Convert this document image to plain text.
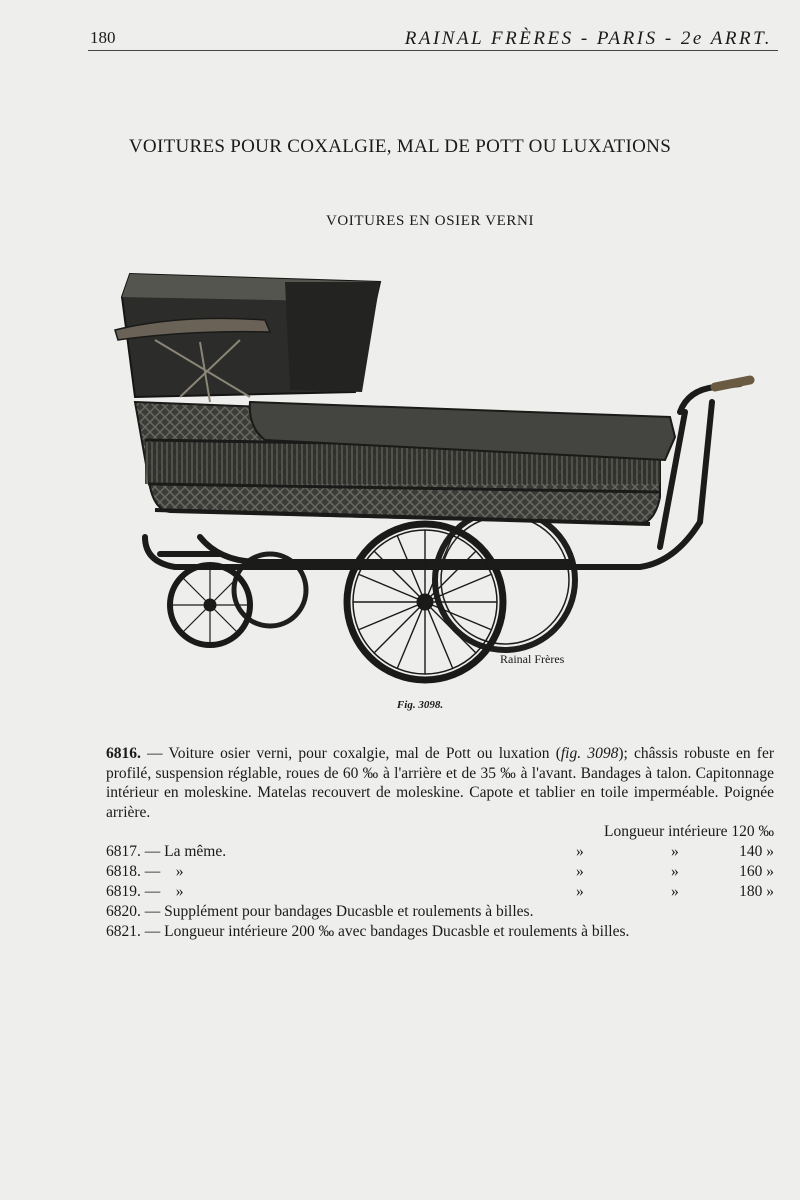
180	RAINAL FRÈRES - PARIS - 2e ARRT.
VOITURES POUR COXALGIE, MAL DE POTT OU LUXATIONS
VOITURES EN OSIER VERNI
Rainal Frères
Fig. 3098.
6816. — Voiture osier verni, pour coxalgie, mal de Pott ou luxation (fig. 3098); châssis robuste en fer profilé, suspension réglable, roues de 60 ‰ à l'arrière et de 35 ‰ à l'avant. Bandages à talon. Capitonnage intérieur en moleskine. Matelas recouvert de moleskine. Capote et tablier en toile imperméable. Poignée arrière.
Longueur intérieure 120 ‰
6817. — La même.	»	»	140 »
6818. — »	»	»	160 »
6819. — »	»	»	180 »
6820. — Supplément pour bandages Ducasble et roulements à billes.
6821. — Longueur intérieure 200 ‰ avec bandages Ducasble et roulements à billes.
